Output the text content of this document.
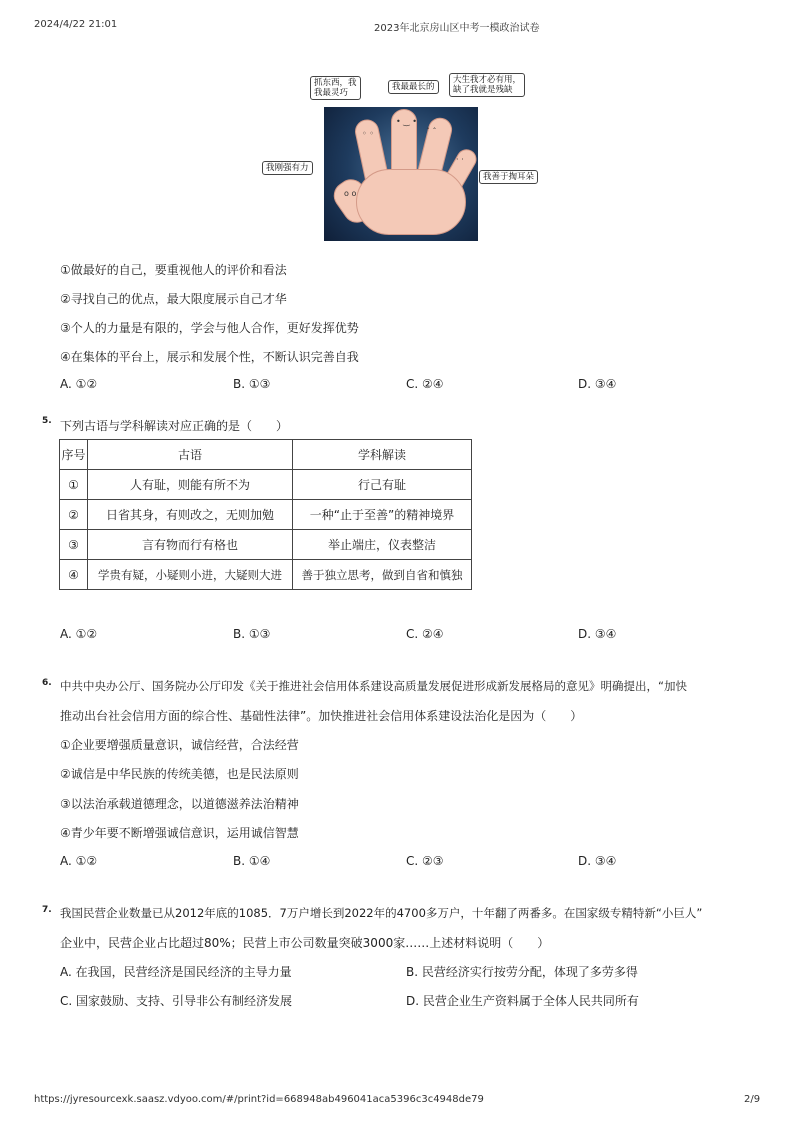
2024/4/22 21:01	2023年北京房山区中考一模政治试卷
• ‿ •
◦ ◦	ˆ ˆ
· ·
o o
抓东西，我
我最灵巧
我最最长的
大生我才必有用，
缺了我就是残缺
我刚强有力
我善于掏耳朵
①做最好的自己，要重视他人的评价和看法
②寻找自己的优点，最大限度展示自己才华
③个人的力量是有限的，学会与他人合作，更好发挥优势
④在集体的平台上，展示和发展个性，不断认识完善自我
A. ①②	B. ①③	C. ②④	D. ③④
5. 下列古语与学科解读对应正确的是（　　）
序号	古语	学科解读
①	人有耻，则能有所不为	行己有耻
②	日省其身，有则改之，无则加勉	一种“止于至善”的精神境界
③	言有物而行有格也	举止端庄，仪表整洁
④	学贵有疑，小疑则小进，大疑则大进	善于独立思考，做到自省和慎独
A. ①②	B. ①③	C. ②④	D. ③④
6. 中共中央办公厅、国务院办公厅印发《关于推进社会信用体系建设高质量发展促进形成新发展格局的意见》明确提出，“加快
推动出台社会信用方面的综合性、基础性法律”。加快推进社会信用体系建设法治化是因为（　　）
①企业要增强质量意识，诚信经营，合法经营
②诚信是中华民族的传统美德，也是民法原则
③以法治承载道德理念，以道德滋养法治精神
④青少年要不断增强诚信意识，运用诚信智慧
A. ①②	B. ①④	C. ②③	D. ③④
7. 我国民营企业数量已从2012年底的1085．7万户增长到2022年的4700多万户，十年翻了两番多。在国家级专精特新“小巨人”
企业中，民营企业占比超过80%；民营上市公司数量突破3000家……上述材料说明（　　）
A. 在我国，民营经济是国民经济的主导力量	B. 民营经济实行按劳分配，体现了多劳多得
C. 国家鼓励、支持、引导非公有制经济发展	D. 民营企业生产资料属于全体人民共同所有
https://jyresourcexk.saasz.vdyoo.com/#/print?id=668948ab496041aca5396c3c4948de79	2/9
